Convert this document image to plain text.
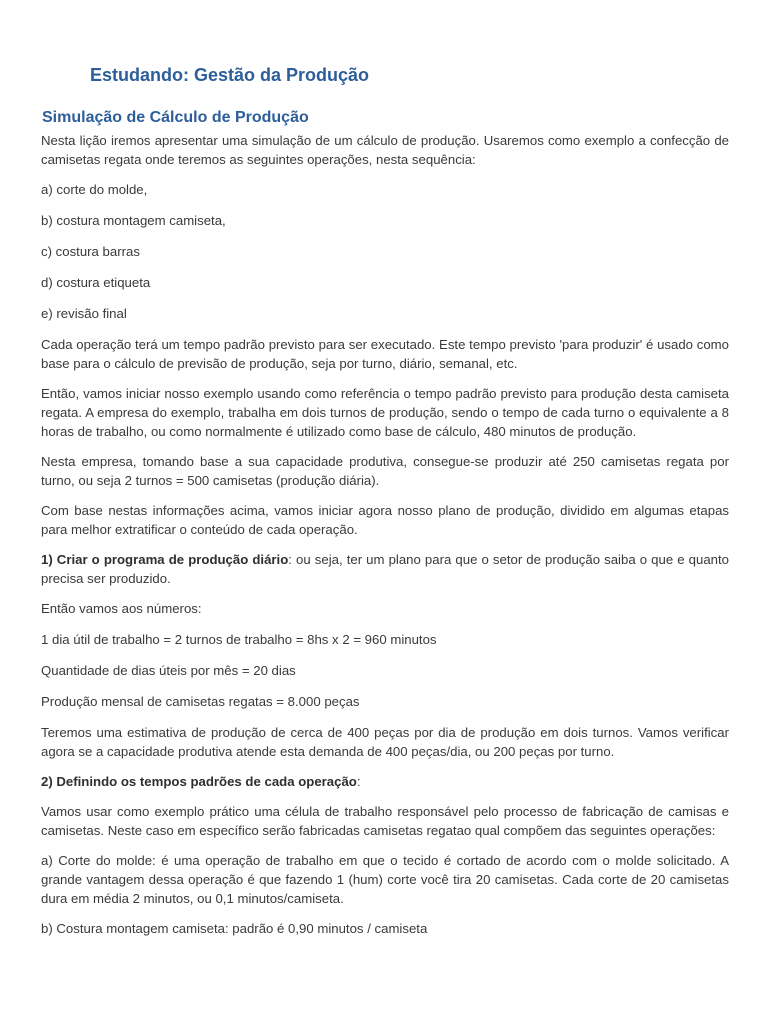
Estudando: Gestão da Produção
Simulação de Cálculo de Produção

Nesta lição iremos apresentar uma simulação de um cálculo de produção. Usaremos como exemplo a confecção de camisetas regata onde teremos as seguintes operações, nesta sequência:

a) corte do molde,

b) costura montagem camiseta,

c) costura barras

d) costura etiqueta

e) revisão final

Cada operação terá um tempo padrão previsto para ser executado. Este tempo previsto 'para produzir' é usado como base para o cálculo de previsão de produção, seja por turno, diário, semanal, etc.

Então, vamos iniciar nosso exemplo usando como referência o tempo padrão previsto para produção desta camiseta regata. A empresa do exemplo, trabalha em dois turnos de produção, sendo o tempo de cada turno o equivalente a 8 horas de trabalho, ou como normalmente é utilizado como base de cálculo, 480 minutos de produção.

Nesta empresa, tomando base a sua capacidade produtiva, consegue-se produzir até 250 camisetas regata por turno, ou seja 2 turnos = 500 camisetas (produção diária).

Com base nestas informações acima, vamos iniciar agora nosso plano de produção, dividido em algumas etapas para melhor extratificar o conteúdo de cada operação.

1) Criar o programa de produção diário: ou seja, ter um plano para que o setor de produção saiba o que e quanto precisa ser produzido.

Então vamos aos números:

1 dia útil de trabalho = 2 turnos de trabalho = 8hs x 2 = 960 minutos

Quantidade de dias úteis por mês = 20 dias

Produção mensal de camisetas regatas = 8.000 peças

Teremos uma estimativa de produção de cerca de 400 peças por dia de produção em dois turnos. Vamos verificar agora se a capacidade produtiva atende esta demanda de 400 peças/dia, ou 200 peças por turno.

2) Definindo os tempos padrões de cada operação:

Vamos usar como exemplo prático uma célula de trabalho responsável pelo processo de fabricação de camisas e camisetas. Neste caso em específico serão fabricadas camisetas regatao qual compõem das seguintes operações:

a) Corte do molde: é uma operação de trabalho em que o tecido é cortado de acordo com o molde solicitado. A grande vantagem dessa operação é que fazendo 1 (hum) corte você tira 20 camisetas. Cada corte de 20 camisetas dura em média 2 minutos, ou 0,1 minutos/camiseta.

b) Costura montagem camiseta: padrão é 0,90 minutos / camiseta
